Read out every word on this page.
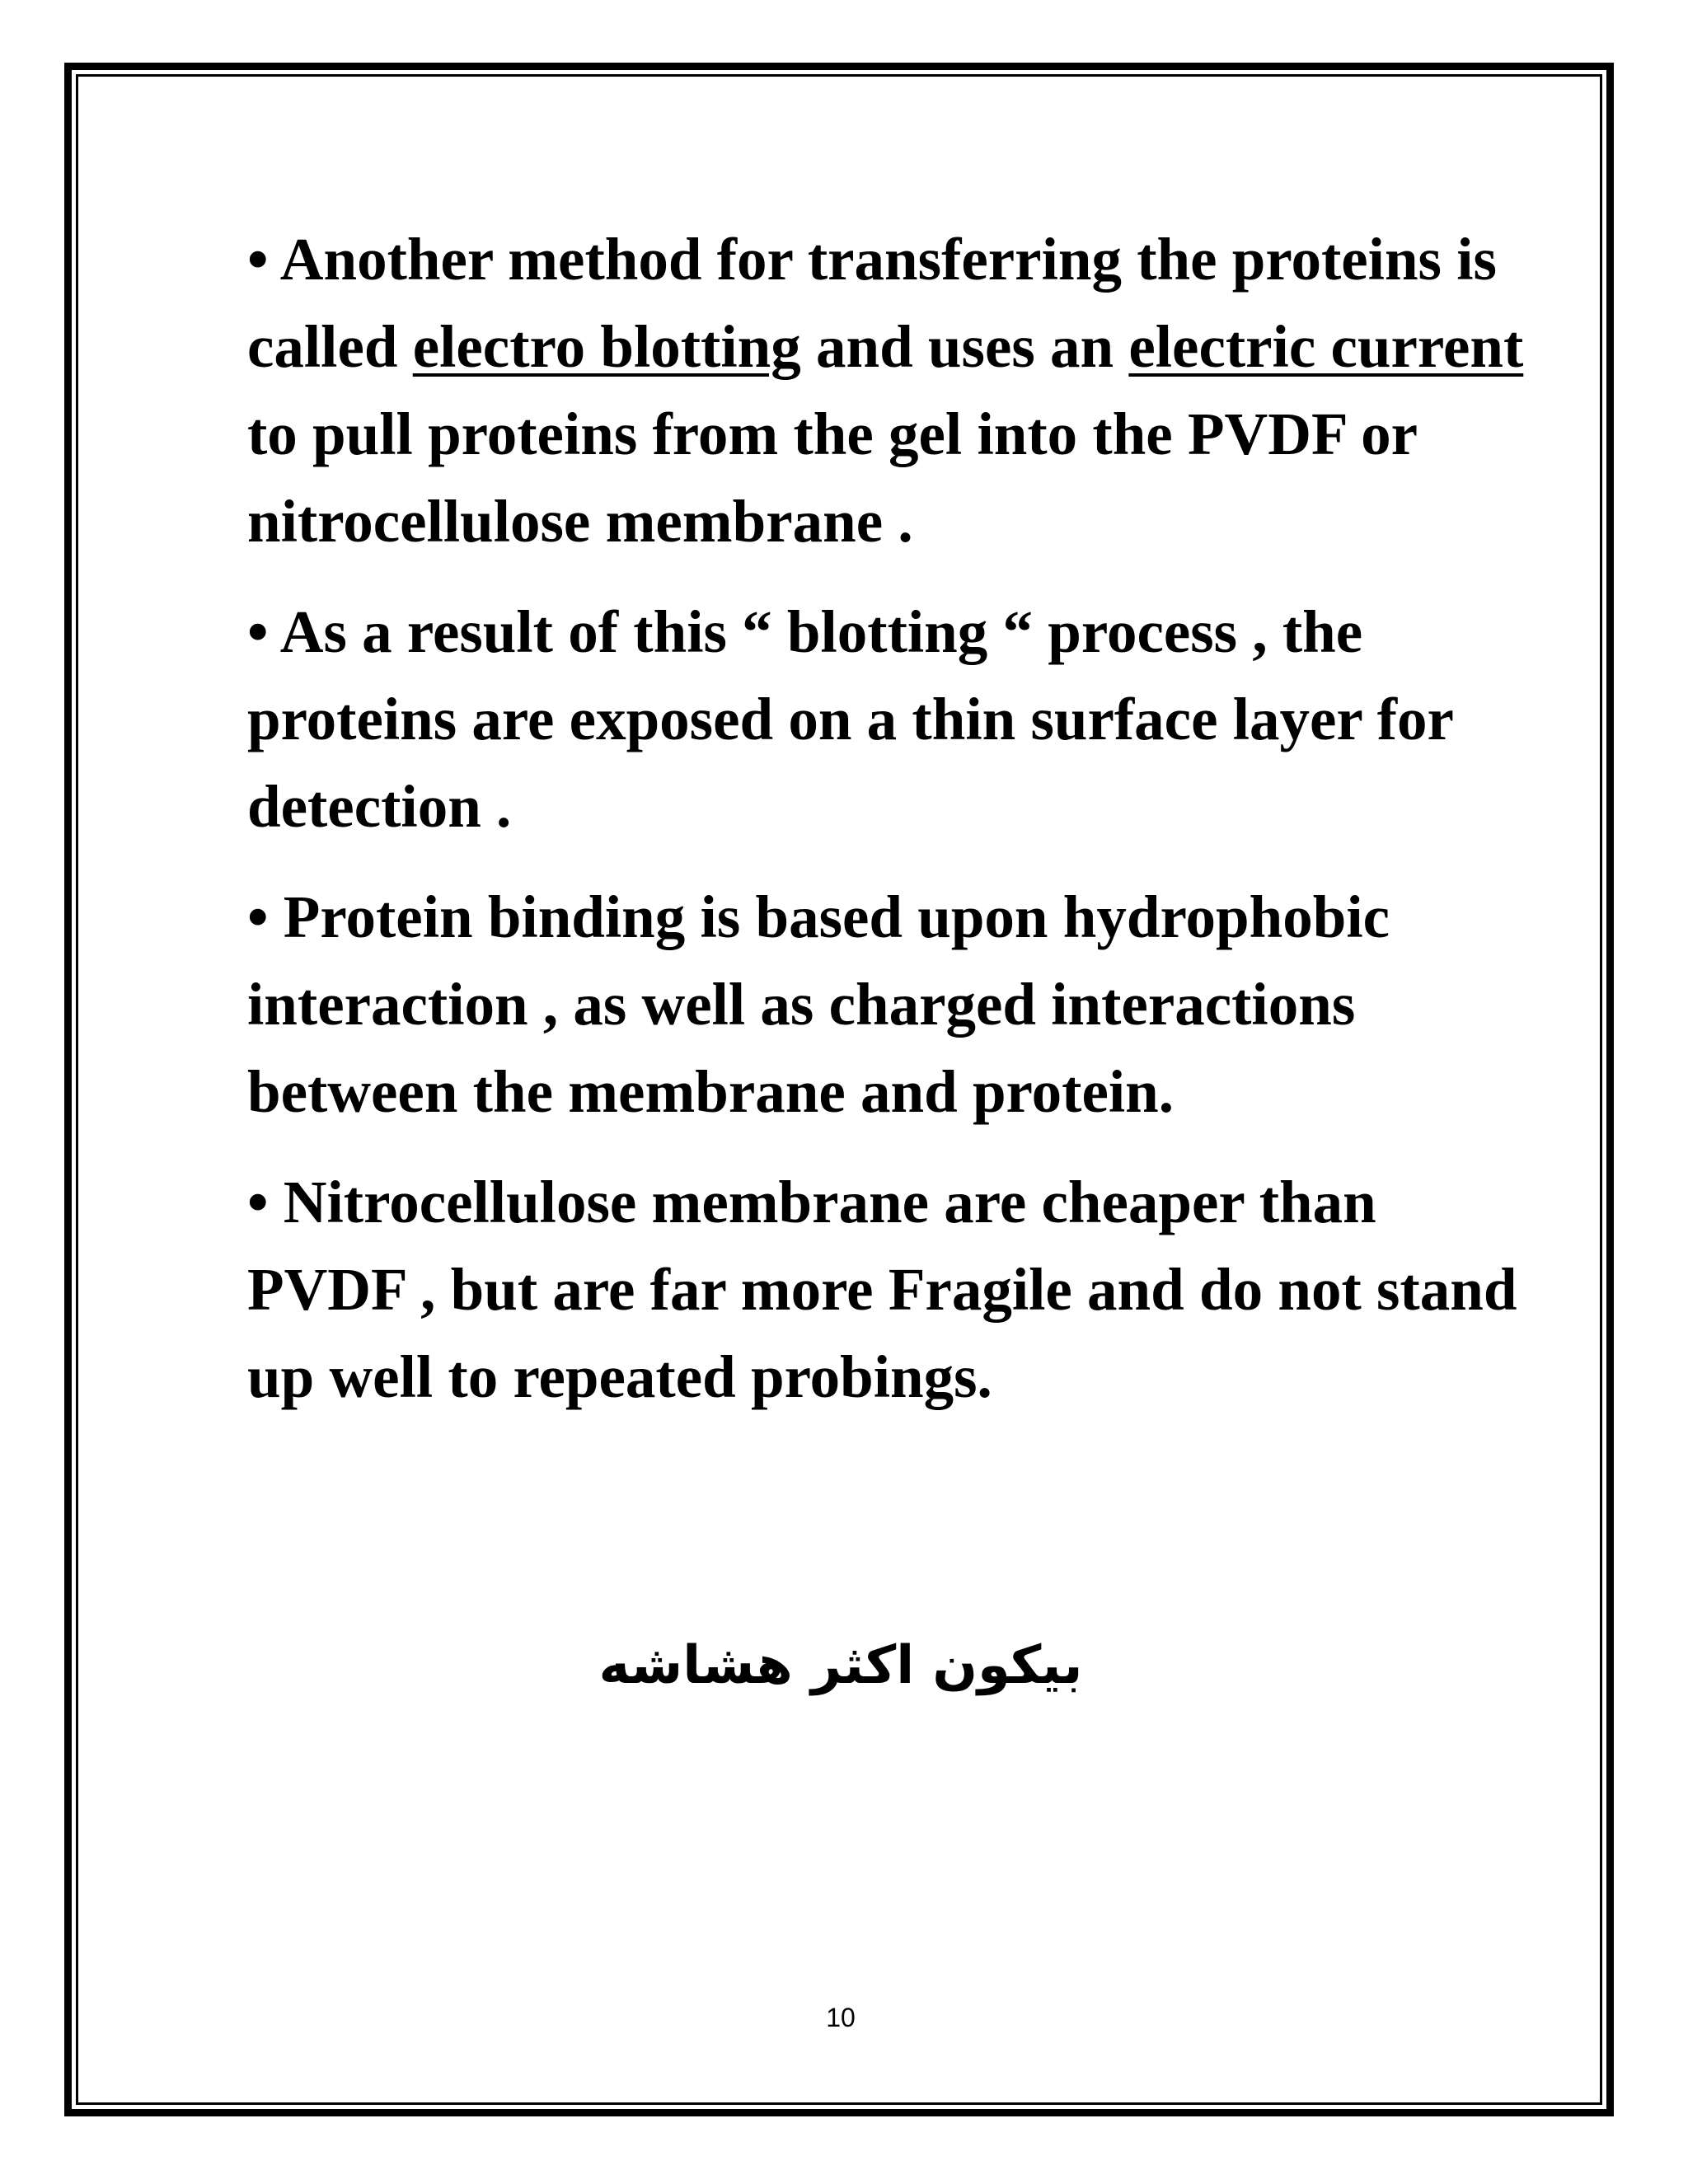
• Another method for transferring the proteins is called electro blotting and uses an electric current to pull proteins from the gel into the PVDF or nitrocellulose membrane .

• As a result of this “ blotting “ process , the proteins are exposed on a thin surface layer for detection .

• Protein binding is based upon hydrophobic interaction , as well as charged interactions between the membrane and protein.

• Nitrocellulose membrane are cheaper than PVDF , but are far more Fragile and do not stand up well to repeated probings.

بيكون اكثر هشاشه
10
